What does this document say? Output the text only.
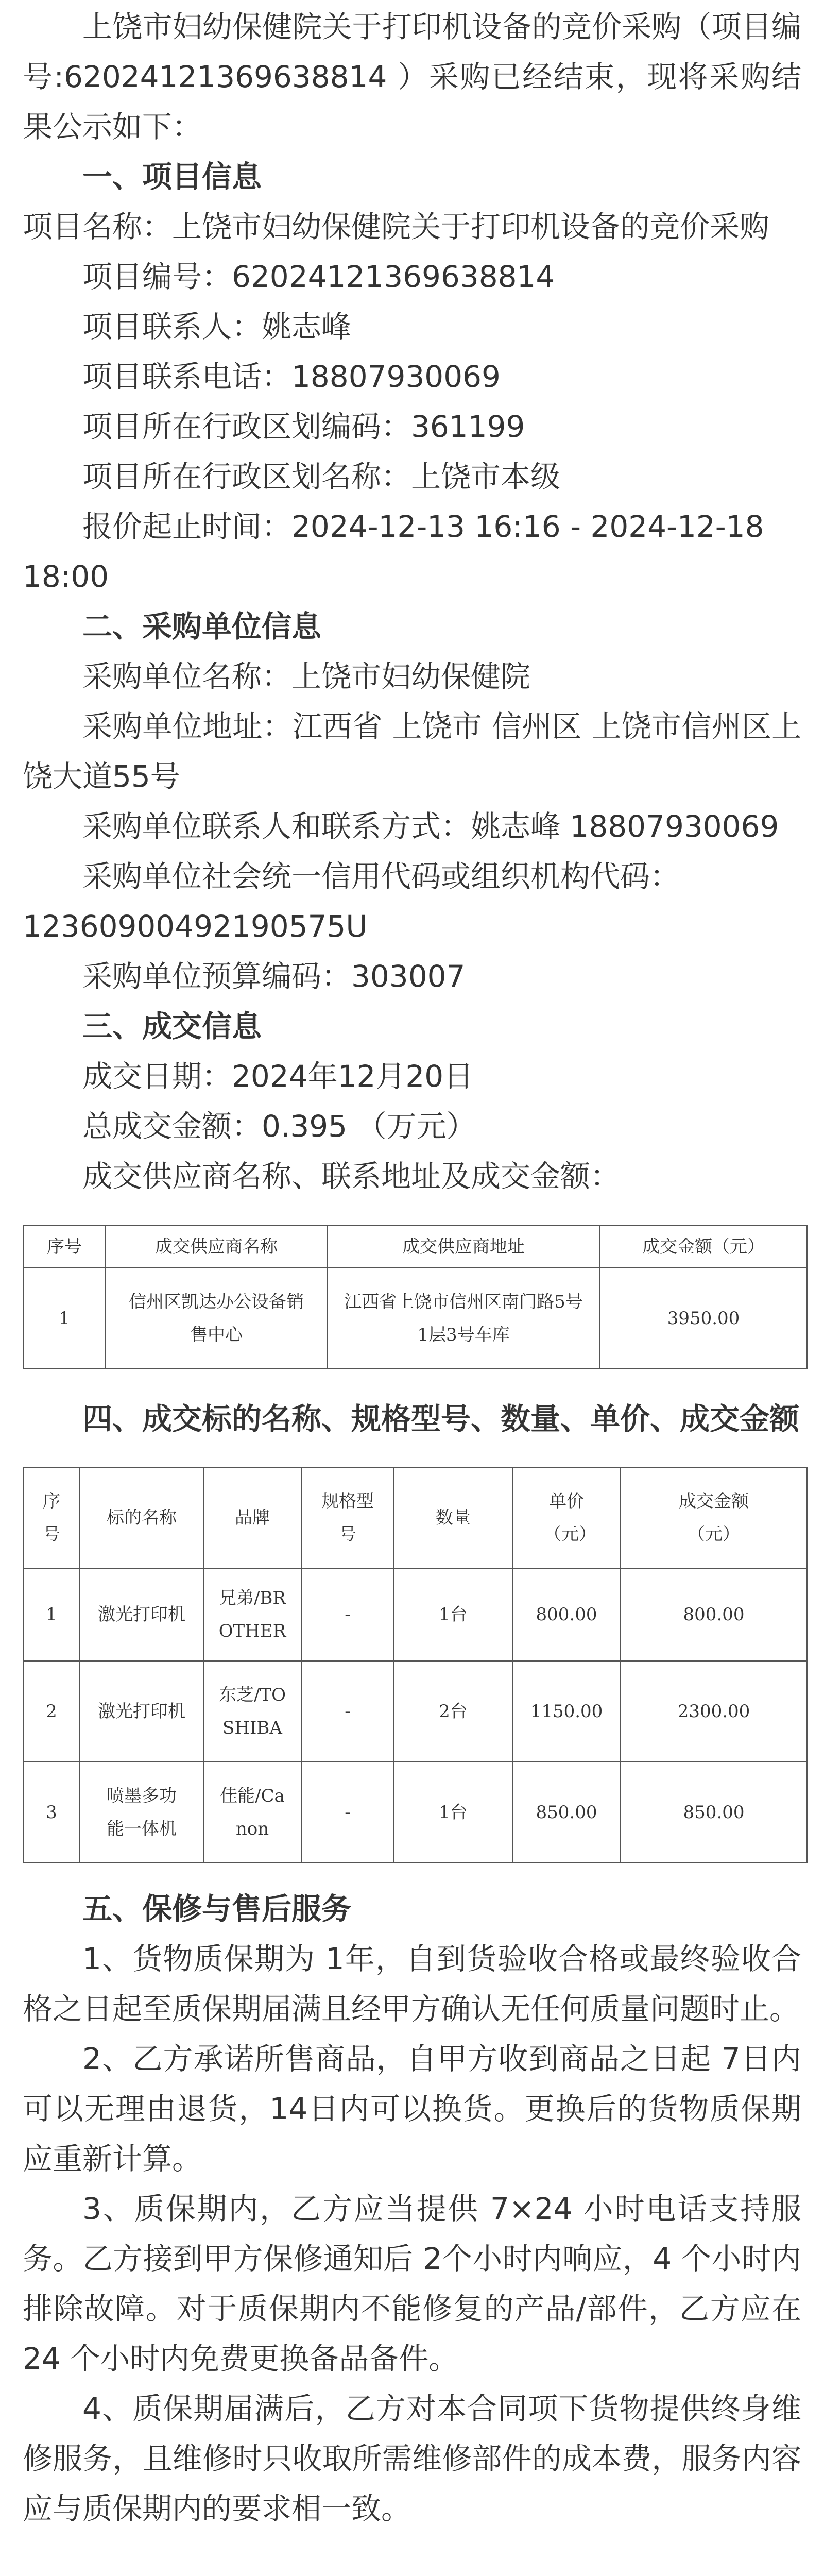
上饶市妇幼保健院关于打印机设备的竞价采购（项目编号:62024121369638814 ）采购已经结束，现将采购结果公示如下：

一、项目信息

项目名称：上饶市妇幼保健院关于打印机设备的竞价采购

项目编号：62024121369638814

项目联系人：姚志峰

项目联系电话：18807930069

项目所在行政区划编码：361199

项目所在行政区划名称：上饶市本级

报价起止时间：2024-12-13 16:16 - 2024-12-18 18:00

二、采购单位信息

采购单位名称：上饶市妇幼保健院

采购单位地址：江西省 上饶市 信州区 上饶市信州区上饶大道55号

采购单位联系人和联系方式：姚志峰 18807930069

采购单位社会统一信用代码或组织机构代码：

12360900492190575U

采购单位预算编码：303007

三、成交信息

成交日期：2024年12月20日

总成交金额：0.395 （万元）

成交供应商名称、联系地址及成交金额：

序号	成交供应商名称	成交供应商地址	成交金额（元）
1	信州区凯达办公设备销售中心	江西省上饶市信州区南门路5号1层3号车库	3950.00

四、成交标的名称、规格型号、数量、单价、成交金额

序号	标的名称	品牌	规格型号	数量	单价（元）	成交金额（元）
1	激光打印机	兄弟/BROTHER	-	1台	800.00	800.00
2	激光打印机	东芝/TOSHIBA	-	2台	1150.00	2300.00
3	喷墨多功能一体机	佳能/Canon	-	1台	850.00	850.00

五、保修与售后服务

1、货物质保期为 1年，自到货验收合格或最终验收合格之日起至质保期届满且经甲方确认无任何质量问题时止。

2、乙方承诺所售商品，自甲方收到商品之日起 7日内可以无理由退货，14日内可以换货。更换后的货物质保期应重新计算。

3、质保期内，乙方应当提供 7×24 小时电话支持服务。乙方接到甲方保修通知后 2个小时内响应，4 个小时内排除故障。对于质保期内不能修复的产品/部件，乙方应在 24 个小时内免费更换备品备件。

4、质保期届满后，乙方对本合同项下货物提供终身维修服务，且维修时只收取所需维修部件的成本费，服务内容应与质保期内的要求相一致。
